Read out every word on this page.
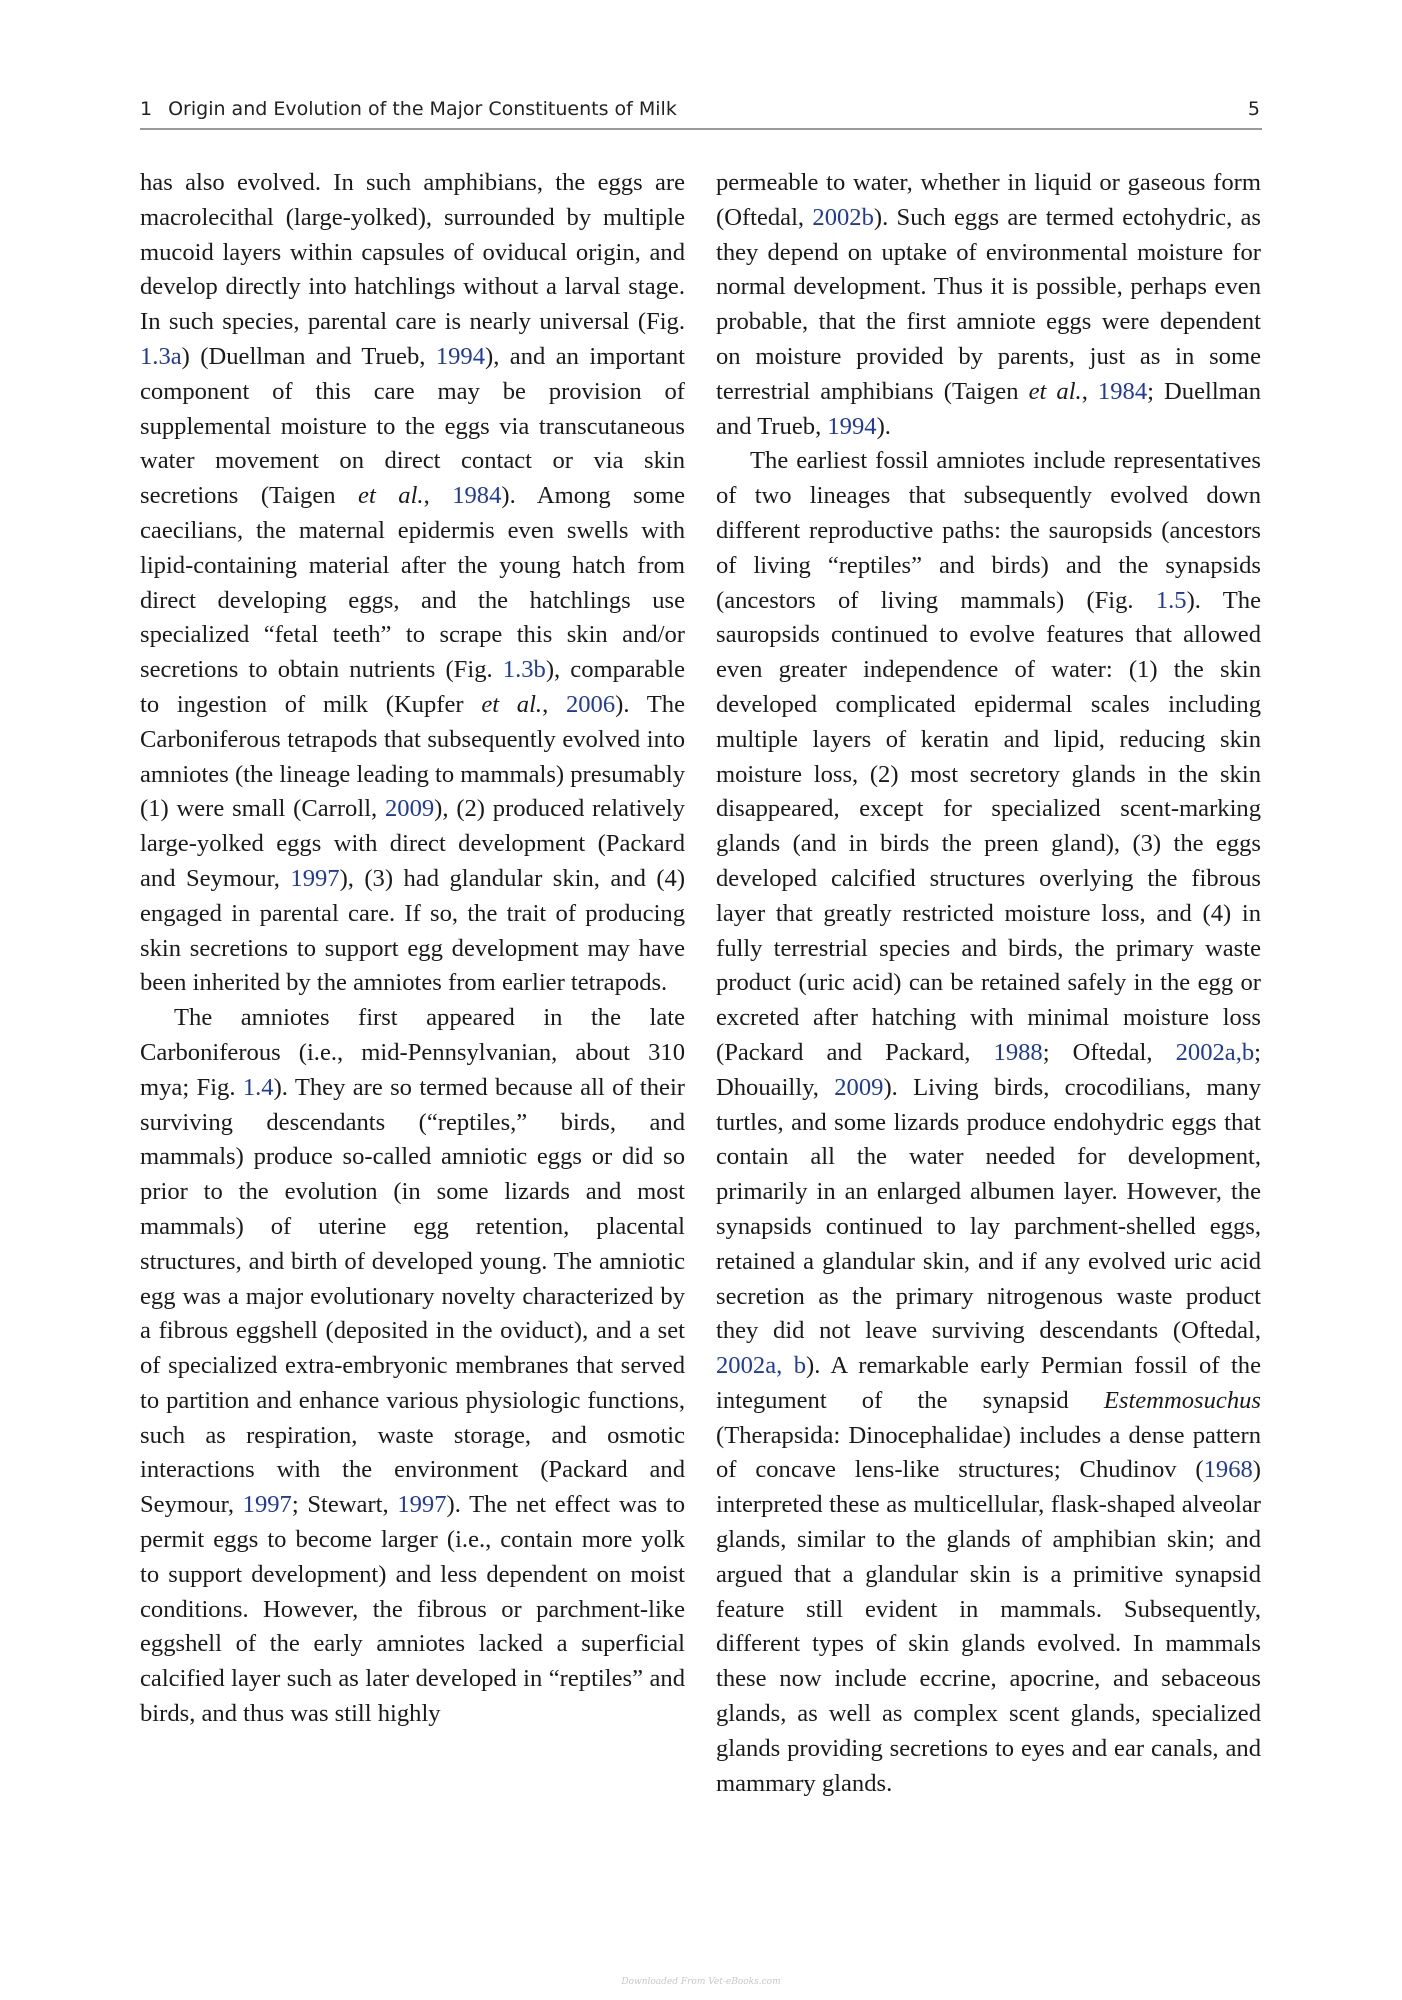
1 Origin and Evolution of the Major Constituents of Milk	5

has also evolved. In such amphibians, the eggs are macrolecithal (large-yolked), surrounded by multiple mucoid layers within capsules of oviducal origin, and develop directly into hatchlings without a larval stage. In such species, parental care is nearly universal (Fig. 1.3a) (Duellman and Trueb, 1994), and an important component of this care may be provision of supplemental moisture to the eggs via transcutaneous water movement on direct contact or via skin secretions (Taigen et al., 1984). Among some caecilians, the maternal epidermis even swells with lipid-containing material after the young hatch from direct developing eggs, and the hatchlings use specialized “fetal teeth” to scrape this skin and/or secretions to obtain nutrients (Fig. 1.3b), comparable to ingestion of milk (Kupfer et al., 2006). The Carboniferous tetrapods that subsequently evolved into amniotes (the lineage leading to mammals) presumably (1) were small (Carroll, 2009), (2) produced relatively large-yolked eggs with direct development (Packard and Seymour, 1997), (3) had glandular skin, and (4) engaged in parental care. If so, the trait of producing skin secretions to support egg development may have been inherited by the amniotes from earlier tetrapods.

The amniotes first appeared in the late Carboniferous (i.e., mid-Pennsylvanian, about 310 mya; Fig. 1.4). They are so termed because all of their surviving descendants (“reptiles,” birds, and mammals) produce so-called amniotic eggs or did so prior to the evolution (in some lizards and most mammals) of uterine egg retention, placental structures, and birth of developed young. The amniotic egg was a major evolutionary novelty characterized by a fibrous eggshell (deposited in the oviduct), and a set of specialized extra-embryonic membranes that served to partition and enhance various physiologic functions, such as respiration, waste storage, and osmotic interactions with the environment (Packard and Seymour, 1997; Stewart, 1997). The net effect was to permit eggs to become larger (i.e., contain more yolk to support development) and less dependent on moist conditions. However, the fibrous or parchment-like eggshell of the early amniotes lacked a superficial calcified layer such as later developed in “reptiles” and birds, and thus was still highly

permeable to water, whether in liquid or gaseous form (Oftedal, 2002b). Such eggs are termed ectohydric, as they depend on uptake of environmental moisture for normal development. Thus it is possible, perhaps even probable, that the first amniote eggs were dependent on moisture provided by parents, just as in some terrestrial amphibians (Taigen et al., 1984; Duellman and Trueb, 1994).

The earliest fossil amniotes include representatives of two lineages that subsequently evolved down different reproductive paths: the sauropsids (ancestors of living “reptiles” and birds) and the synapsids (ancestors of living mammals) (Fig. 1.5). The sauropsids continued to evolve features that allowed even greater independence of water: (1) the skin developed complicated epidermal scales including multiple layers of keratin and lipid, reducing skin moisture loss, (2) most secretory glands in the skin disappeared, except for specialized scent-marking glands (and in birds the preen gland), (3) the eggs developed calcified structures overlying the fibrous layer that greatly restricted moisture loss, and (4) in fully terrestrial species and birds, the primary waste product (uric acid) can be retained safely in the egg or excreted after hatching with minimal moisture loss (Packard and Packard, 1988; Oftedal, 2002a,b; Dhouailly, 2009). Living birds, crocodilians, many turtles, and some lizards produce endohydric eggs that contain all the water needed for development, primarily in an enlarged albumen layer. However, the synapsids continued to lay parchment-shelled eggs, retained a glandular skin, and if any evolved uric acid secretion as the primary nitrogenous waste product they did not leave surviving descendants (Oftedal, 2002a, b). A remarkable early Permian fossil of the integument of the synapsid Estemmosuchus (Therapsida: Dinocephalidae) includes a dense pattern of concave lens-like structures; Chudinov (1968) interpreted these as multicellular, flask-shaped alveolar glands, similar to the glands of amphibian skin; and argued that a glandular skin is a primitive synapsid feature still evident in mammals. Subsequently, different types of skin glands evolved. In mammals these now include eccrine, apocrine, and sebaceous glands, as well as complex scent glands, specialized glands providing secretions to eyes and ear canals, and mammary glands.

Downloaded From Vet-eBooks.com
